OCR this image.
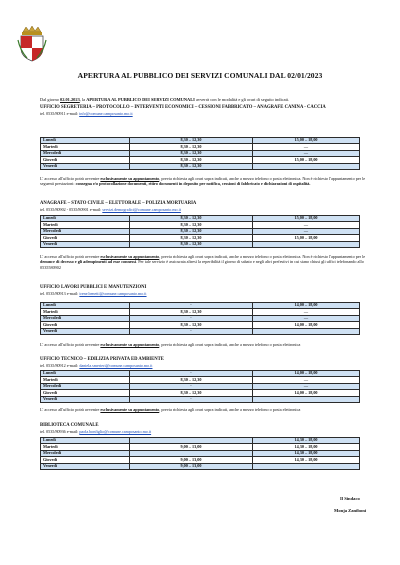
APERTURA AL PUBBLICO DEI SERVIZI COMUNALI DAL 02/01/2023
Dal giorno 02.01.2023, la APERTURA AL PUBBLICO DEI SERVIZI COMUNALI avverrà con le modalità e gli orari di seguito indicati.
UFFICIO SEGRETERIA – PROTOCOLLO – INTERVENTI ECONOMICI – CESSIONI FABBRICATO – ANAGRAFE CANINA - CACCIA
tel. 0535/80911 e-mail: info@comune.camposanto.mo.it
Lunedì	8,30 – 12,30	15,00 – 18,00
Martedì	8,30 – 12,30	—
Mercoledì	8,30 – 12,30	—
Giovedì	8,30 – 12,30	15,00 – 18,00
Venerdì	8,30 – 12,30	
L' accesso all'ufficio potrà avvenire esclusivamente su appuntamento, previa richiesta agli orari sopra indicati, anche a mezzo telefono o posta elettronica. Non è richiesto l'appuntamento per le seguenti prestazioni: consegna e/o protocollazione documenti, ritiro documenti in deposito per notifica, cessioni di fabbricato e dichiarazioni di ospitalità.
ANAGRAFE – STATO CIVILE – ELETTORALE – POLIZIA MORTUARIA
tel. 0535/80902 - 0535/80901 e-mail: servizi.demografici@comune.camposanto.mo.it
Lunedì	8,30 – 12,30	15,00 – 18,00
Martedì	8,30 – 12,30	—
Mercoledì	8,30 – 12,30	—
Giovedì	8,30 – 12,30	15,00 – 18,00
Venerdì	8,30 – 12,30	
L' accesso all'ufficio potrà avvenire esclusivamente su appuntamento, previa richiesta agli orari sopra indicati, anche a mezzo telefono o posta elettronica. Non è richiesto l'appuntamento per le denunce di decesso e gli adempimenti ad esse connessi. Per tale servizio è assicurata altresì la reperibilità il giorno di sabato e negli altri prefestivi in cui siano chiusi gli uffici telefonando allo 0535580902
UFFICIO LAVORI PUBBLICI E MANUTENZIONI
tel. 0535/80913 e-mail: irene.benetti@comune.camposanto.mo.it
Lunedì	-	14,00 – 18,00
Martedì	8,30 – 12,30	—
Mercoledì	-	—
Giovedì	8,30 – 12,30	14,00 – 18,00
Venerdì	-	
L' accesso all'ufficio potrà avvenire esclusivamente su appuntamento, previa richiesta agli orari sopra indicati, anche a mezzo telefono o posta elettronica
UFFICIO TECNICO – EDILIZIA PRIVATA ED AMBIENTE
tel. 0535/80912 e-mail: daniela.smerieri@comune.camposanto.mo.it
Lunedì	-	14,00 – 18,00
Martedì	8,30 – 12,30	—
Mercoledì	-	—
Giovedì	8,30 – 12,30	14,00 – 18,00
Venerdì	-	
L' accesso all'ufficio potrà avvenire esclusivamente su appuntamento, previa richiesta agli orari sopra indicati, anche a mezzo telefono o posta elettronica
BIBLIOTECA COMUNALE
tel. 0535/80936 e-mail: paola.bonfiglio@comune.camposanto.mo.it
Lunedì		14,30 – 18,00
Martedì	9,00 – 13,00	14,30 – 18,00
Mercoledì		14,30 – 18,00
Giovedì	9,00 – 13,00	14,30 – 18,00
Venerdì	9,00 – 13,00	
Il Sindaco
Monja Zaniboni
